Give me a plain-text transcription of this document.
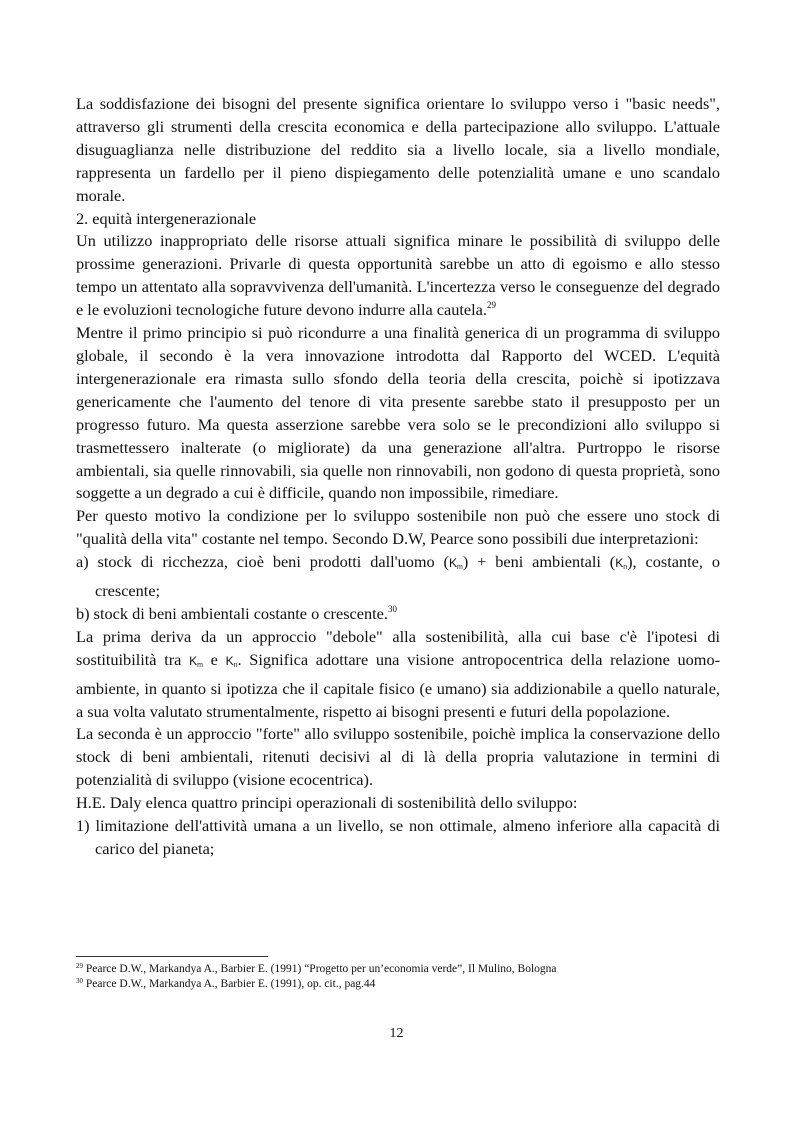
La soddisfazione dei bisogni del presente significa orientare lo sviluppo verso i "basic needs", attraverso gli strumenti della crescita economica e della partecipazione allo sviluppo. L'attuale disuguaglianza nelle distribuzione del reddito sia a livello locale, sia a livello mondiale, rappresenta un fardello per il pieno dispiegamento delle potenzialità umane e uno scandalo morale.

2. equità intergenerazionale

Un utilizzo inappropriato delle risorse attuali significa minare le possibilità di sviluppo delle prossime generazioni. Privarle di questa opportunità sarebbe un atto di egoismo e allo stesso tempo un attentato alla sopravvivenza dell'umanità. L'incertezza verso le conseguenze del degrado e le evoluzioni tecnologiche future devono indurre alla cautela.$^{29}$

Mentre il primo principio si può ricondurre a una finalità generica di un programma di sviluppo globale, il secondo è la vera innovazione introdotta dal Rapporto del WCED. L'equità intergenerazionale era rimasta sullo sfondo della teoria della crescita, poichè si ipotizzava genericamente che l'aumento del tenore di vita presente sarebbe stato il presupposto per un progresso futuro. Ma questa asserzione sarebbe vera solo se le precondizioni allo sviluppo si trasmettessero inalterate (o migliorate) da una generazione all'altra. Purtroppo le risorse ambientali, sia quelle rinnovabili, sia quelle non rinnovabili, non godono di questa proprietà, sono soggette a un degrado a cui è difficile, quando non impossibile, rimediare.

Per questo motivo la condizione per lo sviluppo sostenibile non può che essere uno stock di "qualità della vita" costante nel tempo. Secondo D.W, Pearce sono possibili due interpretazioni:

a) stock di ricchezza, cioè beni prodotti dall'uomo $(K_m)$ + beni ambientali $(K_n)$, costante, o crescente;

b) stock di beni ambientali costante o crescente.$^{30}$

La prima deriva da un approccio "debole" alla sostenibilità, alla cui base c'è l'ipotesi di sostituibilità tra $K_m$ e $K_n$. Significa adottare una visione antropocentrica della relazione uomo-ambiente, in quanto si ipotizza che il capitale fisico (e umano) sia addizionabile a quello naturale, a sua volta valutato strumentalmente, rispetto ai bisogni presenti e futuri della popolazione.

La seconda è un approccio "forte" allo sviluppo sostenibile, poichè implica la conservazione dello stock di beni ambientali, ritenuti decisivi al di là della propria valutazione in termini di potenzialità di sviluppo (visione ecocentrica).

H.E. Daly elenca quattro principi operazionali di sostenibilità dello sviluppo:

1) limitazione dell'attività umana a un livello, se non ottimale, almeno inferiore alla capacità di carico del pianeta;

$^{29}$ Pearce D.W., Markandya A., Barbier E. (1991) “Progetto per un’economia verde”, Il Mulino, Bologna
$^{30}$ Pearce D.W., Markandya A., Barbier E. (1991), op. cit., pag.44
12
